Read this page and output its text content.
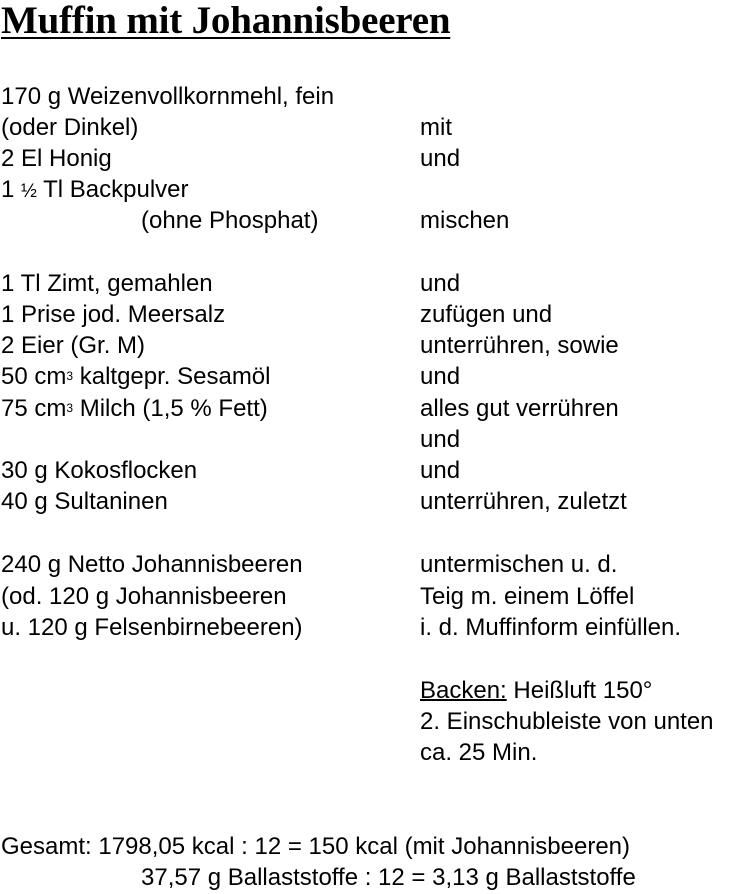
Muffin mit Johannisbeeren
170 g Weizenvollkornmehl, fein
(oder Dinkel)
2 El Honig
1 ½ Tl Backpulver
(ohne Phosphat)
1 Tl Zimt, gemahlen
1 Prise jod. Meersalz
2 Eier (Gr. M)
50 $cm^3$ kaltgepr. Sesamöl
75 $cm^3$ Milch (1,5 % Fett)
30 g Kokosflocken
40 g Sultaninen
240 g Netto Johannisbeeren
(od. 120 g Johannisbeeren
u. 120 g Felsenbirnebeeren)
mit
und
mischen
und
zufügen und
unterrühren, sowie
und
alles gut verrühren
und
und
unterrühren, zuletzt
untermischen u. d.
Teig m. einem Löffel
i. d. Muffinform einfüllen.
Backen: Heißluft 150°
2. Einschubleiste von unten
ca. 25 Min.
Gesamt: 1798,05 kcal : 12 = 150 kcal (mit Johannisbeeren)
37,57 g Ballaststoffe : 12 = 3,13 g Ballaststoffe
